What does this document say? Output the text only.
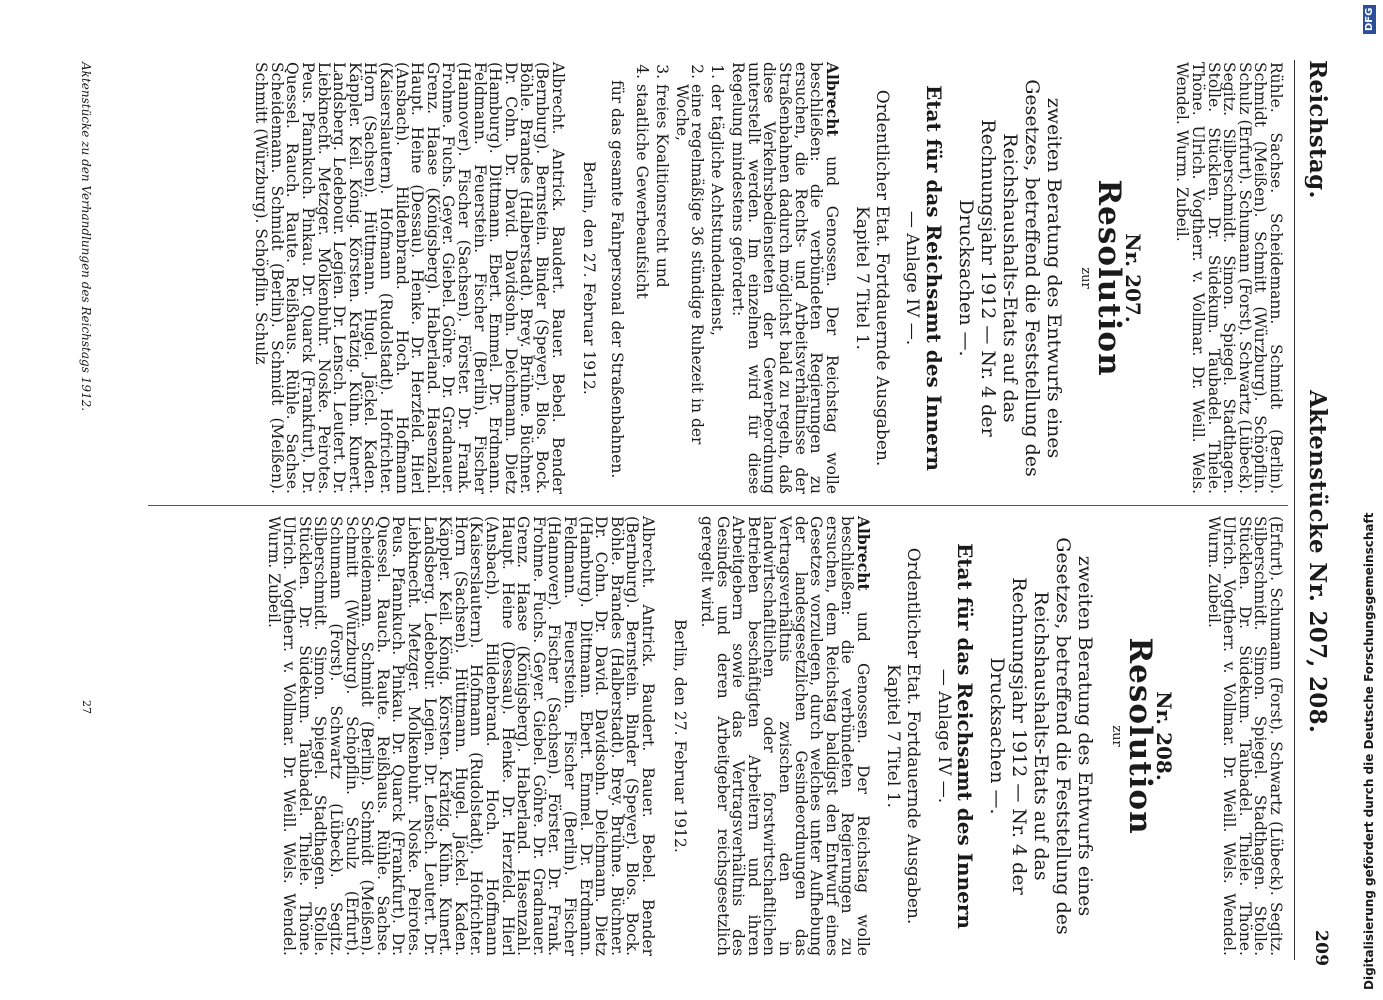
Reichstag.
Aktenstücke Nr. 207, 208.
209

Rühle. Sachse. Scheidemann. Schmidt (Berlin). Schmidt (Meißen). Schmitt (Würzburg). Schöpflin. Schulz (Erfurt). Schumann (Forst). Schwartz (Lübeck). Segitz. Silberschmidt. Simon. Spiegel. Stadthagen. Stolle. Stücklen. Dr. Südekum. Taubadel. Thiele. Thöne. Ulrich. Vogtherr. v. Vollmar. Dr. Weill. Wels. Wendel. Wurm. Zubeil.

Nr. 207.
Resolution
zur
zweiten Beratung des Entwurfs eines Gesetzes, betreffend die Feststellung des Reichshaushalts-Etats auf das Rechnungsjahr 1912 — Nr. 4 der Drucksachen —.
Etat für das Reichsamt des Innern
— Anlage IV —.
Ordentlicher Etat. Fortdauernde Ausgaben. Kapitel 7 Titel 1.

Albrecht und Genossen. Der Reichstag wolle beschließen: die verbündeten Regierungen zu ersuchen, die Rechts- und Arbeitsverhältnisse der Straßenbahnen dadurch möglichst bald zu regeln, daß diese Verkehrsbediensteten der Gewerbeordnung unterstellt werden. Im einzelnen wird für diese Regelung mindestens gefordert:

1. der tägliche Achtstundendienst,
2. eine regelmäßige 36 stündige Ruhezeit in der Woche,
3. freies Koalitionsrecht und
4. staatliche Gewerbeaufsicht

für das gesamte Fahrpersonal der Straßenbahnen.

Berlin, den 27. Februar 1912.

Albrecht. Antrick. Baudert. Bauer. Bebel. Bender (Bernburg). Bernstein. Binder (Speyer). Blos. Bock. Böhle. Brandes (Halberstadt). Brey. Brühne. Büchner. Dr. Cohn. Dr. David. Davidsohn. Deichmann. Dietz (Hamburg). Dittmann. Ebert. Emmel. Dr. Erdmann. Feldmann. Feuerstein. Fischer (Berlin). Fischer (Hannover). Fischer (Sachsen). Förster. Dr. Frank. Frohme. Fuchs. Geyer. Giebel. Göhre. Dr. Gradnauer. Grenz. Haase (Königsberg). Haberland. Hasenzahl. Haupt. Heine (Dessau). Henke. Dr. Herzfeld. Hierl (Ansbach). Hildenbrand. Hoch. Hoffmann (Kaiserslautern). Hofmann (Rudolstadt). Hofrichter. Horn (Sachsen). Hüttmann. Hugel. Jäckel. Kaden. Käppler. Keil. König. Körsten. Krätzig. Kühn. Kunert. Landsberg. Ledebour. Legien. Dr. Lensch. Leutert. Dr. Liebknecht. Metzger. Molkenbuhr. Noske. Peirotes. Peus. Pfannkuch. Pinkau. Dr. Quarck (Frankfurt). Dr. Quessel. Rauch. Raute. Reißhaus. Rühle. Sachse. Scheidemann. Schmidt (Berlin). Schmidt (Meißen). Schmitt (Würzburg). Schöpflin. Schulz

(Erfurt). Schumann (Forst). Schwartz (Lübeck). Segitz. Silberschmidt. Simon. Spiegel. Stadthagen. Stolle. Stücklen. Dr. Südekum. Taubadel. Thiele. Thöne. Ulrich. Vogtherr. v. Vollmar. Dr. Weill. Wels. Wendel. Wurm. Zubeil.

Nr. 208.
Resolution
zur
zweiten Beratung des Entwurfs eines Gesetzes, betreffend die Feststellung des Reichshaushalts-Etats auf das Rechnungsjahr 1912 — Nr. 4 der Drucksachen —.
Etat für das Reichsamt des Innern
— Anlage IV —.
Ordentlicher Etat. Fortdauernde Ausgaben. Kapitel 7 Titel 1.

Albrecht und Genossen. Der Reichstag wolle beschließen: die verbündeten Regierungen zu ersuchen, dem Reichstag baldigst den Entwurf eines Gesetzes vorzulegen, durch welches unter Aufhebung der landesgesetzlichen Gesindeordnungen das Vertragsverhältnis zwischen den in landwirtschaftlichen oder forstwirtschaftlichen Betrieben beschäftigten Arbeitern und ihren Arbeitgebern sowie das Vertragsverhältnis des Gesindes und deren Arbeitgeber reichsgesetzlich geregelt wird.

Berlin, den 27. Februar 1912.

Albrecht. Antrick. Baudert. Bauer. Bebel. Bender (Bernburg). Bernstein. Binder (Speyer). Blos. Bock. Böhle. Brandes (Halberstadt). Brey. Brühne. Büchner. Dr. Cohn. Dr. David. Davidsohn. Deichmann. Dietz (Hamburg). Dittmann. Ebert. Emmel. Dr. Erdmann. Feldmann. Feuerstein. Fischer (Berlin). Fischer (Hannover). Fischer (Sachsen). Förster. Dr. Frank. Frohme. Fuchs. Geyer. Giebel. Göhre. Dr. Gradnauer. Grenz. Haase (Königsberg). Haberland. Hasenzahl. Haupt. Heine (Dessau). Henke. Dr. Herzfeld. Hierl (Ansbach). Hildenbrand. Hoch. Hoffmann (Kaiserslautern). Hofmann (Rudolstadt). Hofrichter. Horn (Sachsen). Hüttmann. Hugel. Jäckel. Kaden. Käppler. Keil. König. Körsten. Krätzig. Kühn. Kunert. Landsberg. Ledebour. Legien. Dr. Lensch. Leutert. Dr. Liebknecht. Metzger. Molkenbuhr. Noske. Peirotes. Peus. Pfannkuch. Pinkau. Dr. Quarck (Frankfurt). Dr. Quessel. Rauch. Raute. Reißhaus. Rühle. Sachse. Scheidemann. Schmidt (Berlin). Schmidt (Meißen). Schmitt (Würzburg). Schöpflin. Schulz (Erfurt). Schumann (Forst). Schwartz (Lübeck). Segitz. Silberschmidt. Simon. Spiegel. Stadthagen. Stolle. Stücklen. Dr. Südekum. Taubadel. Thiele. Thöne. Ulrich. Vogtherr. v. Vollmar. Dr. Weill. Wels. Wendel. Wurm. Zubeil.

Aktenstücke zu den Verhandlungen des Reichstags 1912.
27	Digitalisierung gefördert durch die Deutsche Forschungsgemeinschaft
DFG
